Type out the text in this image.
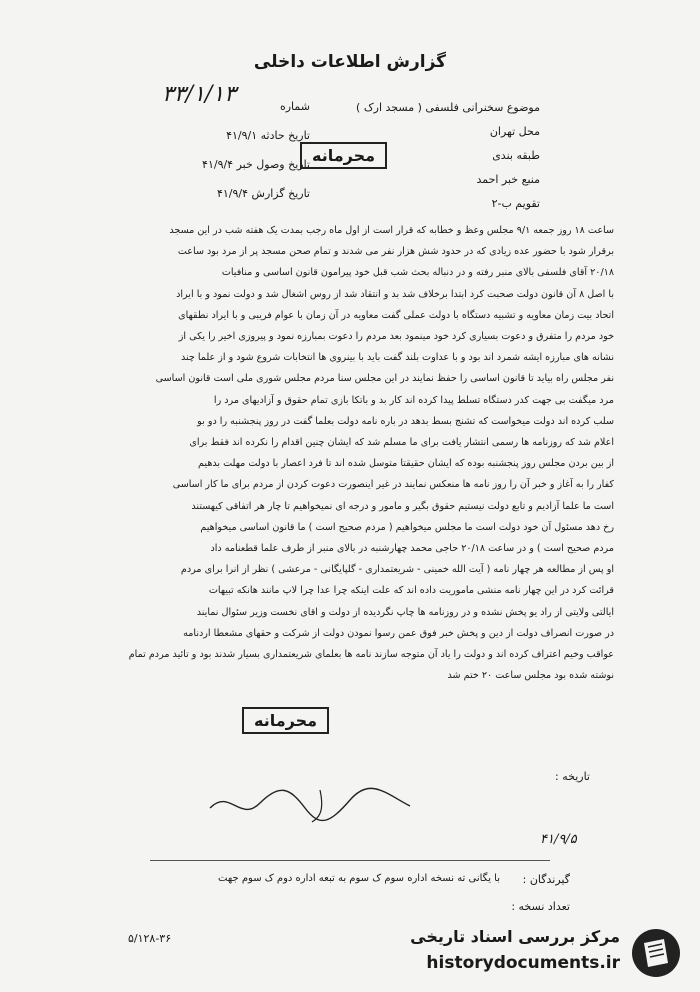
گزارش اطلاعات داخلی
۳۳/۱/۱۳	شماره
تاریخ حادثه ۴۱/۹/۱
تاریخ وصول خبر ۴۱/۹/۴
تاریخ گزارش ۴۱/۹/۴
موضوع سخنرانی فلسفی ( مسجد ارک )
محل تهران
طبقه بندی
منبع خبر احمد
تقویم ب-۲
محرمانه

ساعت ۱۸ روز جمعه ۹/۱ مجلس وعظ و خطابه که قرار است از اول ماه رجب بمدت یک هفته شب در این مسجد

برقرار شود با حضور عده زیادی که در حدود شش هزار نفر می شدند و تمام صحن مسجد پر از مرد بود ساعت

۲۰/۱۸ آقای فلسفی بالای منبر رفته و در دنباله بحث شب قبل خود پیرامون قانون اساسی و منافیات

با اصل ۸ آن قانون دولت صحبت کرد ابتدا برخلاف شد بد و انتقاد شد از روس اشغال شد و دولت نمود و با ایراد

اتحاد بیت زمان معاویه و تشبیه دستگاه با دولت عملی گفت معاویه در آن زمان با عوام فریبی و با ایراد نطقهای

خود مردم را متفرق و دعوت بسیاری کرد خود مینمود بعد مردم را دعوت بمبارزه نمود و پیروزی اخیر را یکی از

نشانه های مبارزه ایشه شمرد اند بود و با عداوت بلند گفت باید با بینروی ها انتخابات شروع شود و از علما چند

نفر مجلس راه بیاید تا قانون اساسی را حفظ نمایند در این مجلس سنا مردم مجلس شوری ملی است قانون اساسی

مرد میگفت بی جهت کدر دستگاه تسلط پیدا کرده اند کار بد و باتکا بازی تمام حقوق و آزادیهای مرد را

سلب کرده اند دولت میخواست که تشنج بسط بدهد در باره نامه دولت بعلما گفت در روز پنجشنبه را دو بو

اعلام شد که روزنامه ها رسمی انتشار یافت برای ما مسلم شد که ایشان چنین اقدام را نکرده اند فقط برای

از بین بردن مجلس روز پنجشنبه بوده که ایشان حقیقتا متوسل شده اند تا فرد اعصار با دولت مهلت بدهیم

کفار را به آغاز و خبر آن را روز نامه ها منعکس نمایند در غیر اینصورت دعوت کردن از مردم برای ما کار اساسی

است ما علما آزادیم و تابع دولت نیستیم حقوق بگیر و مامور و درجه ای نمیخواهیم تا چار هر اتفاقی کیهستند

رخ دهد مسئول آن خود دولت است ما مجلس میخواهیم ( مردم صحیح است ) ما قانون اساسی میخواهیم

مردم صحیح است ) و در ساعت ۲۰/۱۸ حاجی محمد چهارشنبه در بالای منبر از طرف علما قطعنامه داد

او پس از مطالعه هر چهار نامه ( آیت الله خمینی - شریعتمداری - گلپایگانی - مرعشی ) نظر از انرا برای مردم

قرائت کرد در این چهار نامه منشی ماموریت داده اند که علت اینکه چرا عدا چرا لاپ مانند هانکه تبیهات

ایالتی ولایتی از راد یو پخش نشده و در روزنامه ها چاپ نگردیده از دولت و اقای نخست وزیر سئوال نمایند

در صورت انصراف دولت از دین و پخش خبر فوق عمن رسوا نمودن دولت از شرکت و حقهای مشعطا اردنامه

عواقب وخیم اعتراف کرده اند و دولت را یاد آن متوجه سازند نامه ها بعلمای شریعتمداری بسیار شدند بود و تائید مردم تمام

نوشته شده بود مجلس ساعت ۲۰ ختم شد

محرمانه
تاریخه :
۴۱/۹/۵
گیرندگان :
با یگانی ته نسخه اداره سوم ک سوم به تبعه اداره دوم ک سوم جهت
تعداد نسخه :
۵/۱۲۸-۳۶	مرکز بررسی اسناد تاریخی
historydocuments.ir
